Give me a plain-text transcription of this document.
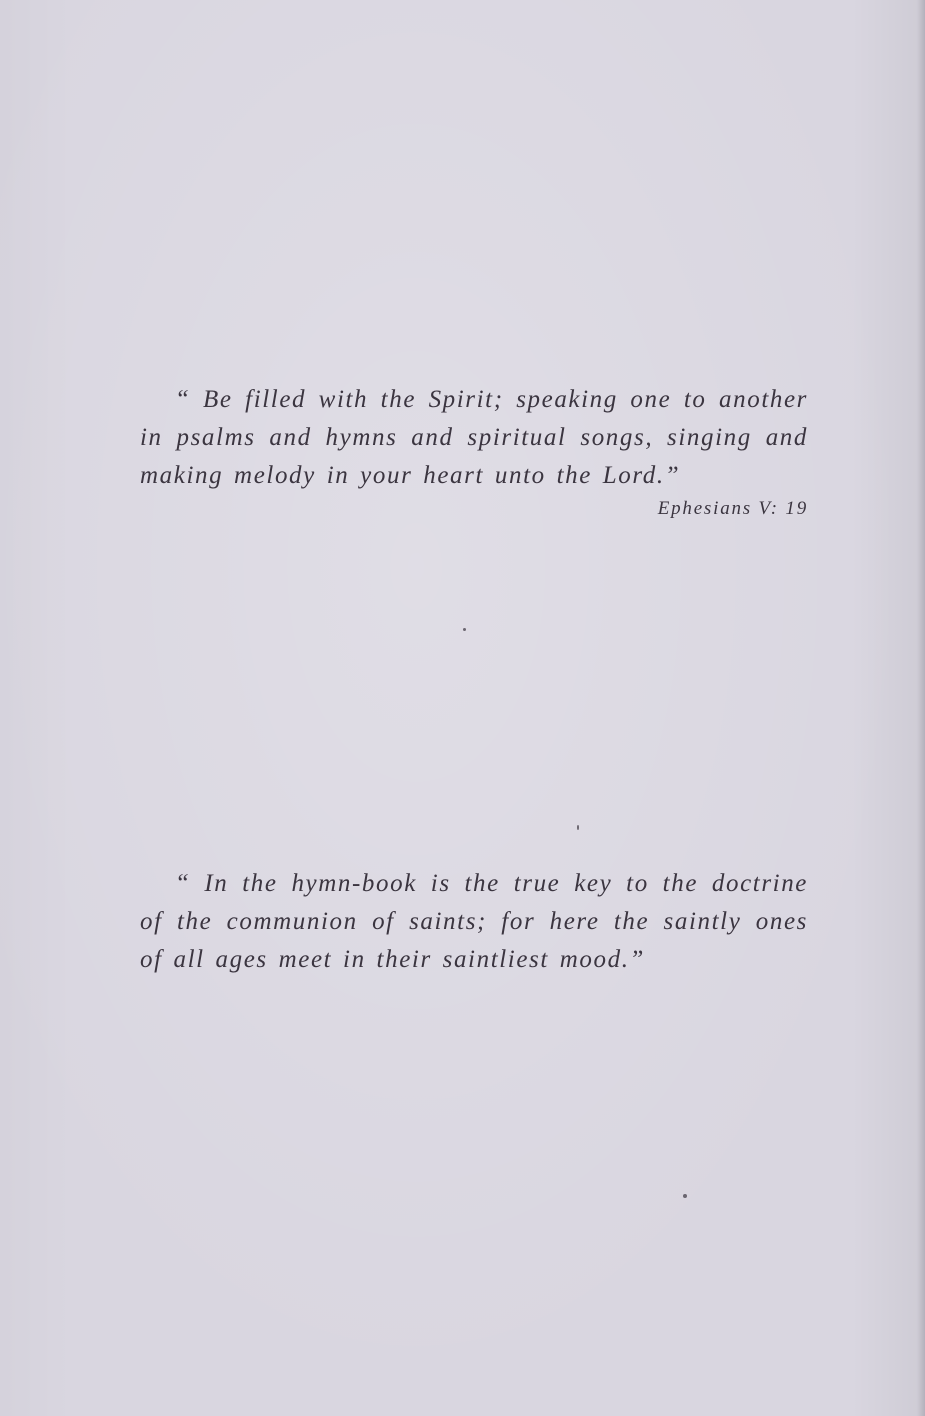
“ Be filled with the Spirit; speaking one to another
in psalms and hymns and spiritual songs, singing and
making melody in your heart unto the Lord.”
Ephesians V: 19
“ In the hymn-book is the true key to the doctrine
of the communion of saints; for here the saintly ones
of all ages meet in their saintliest mood.”
